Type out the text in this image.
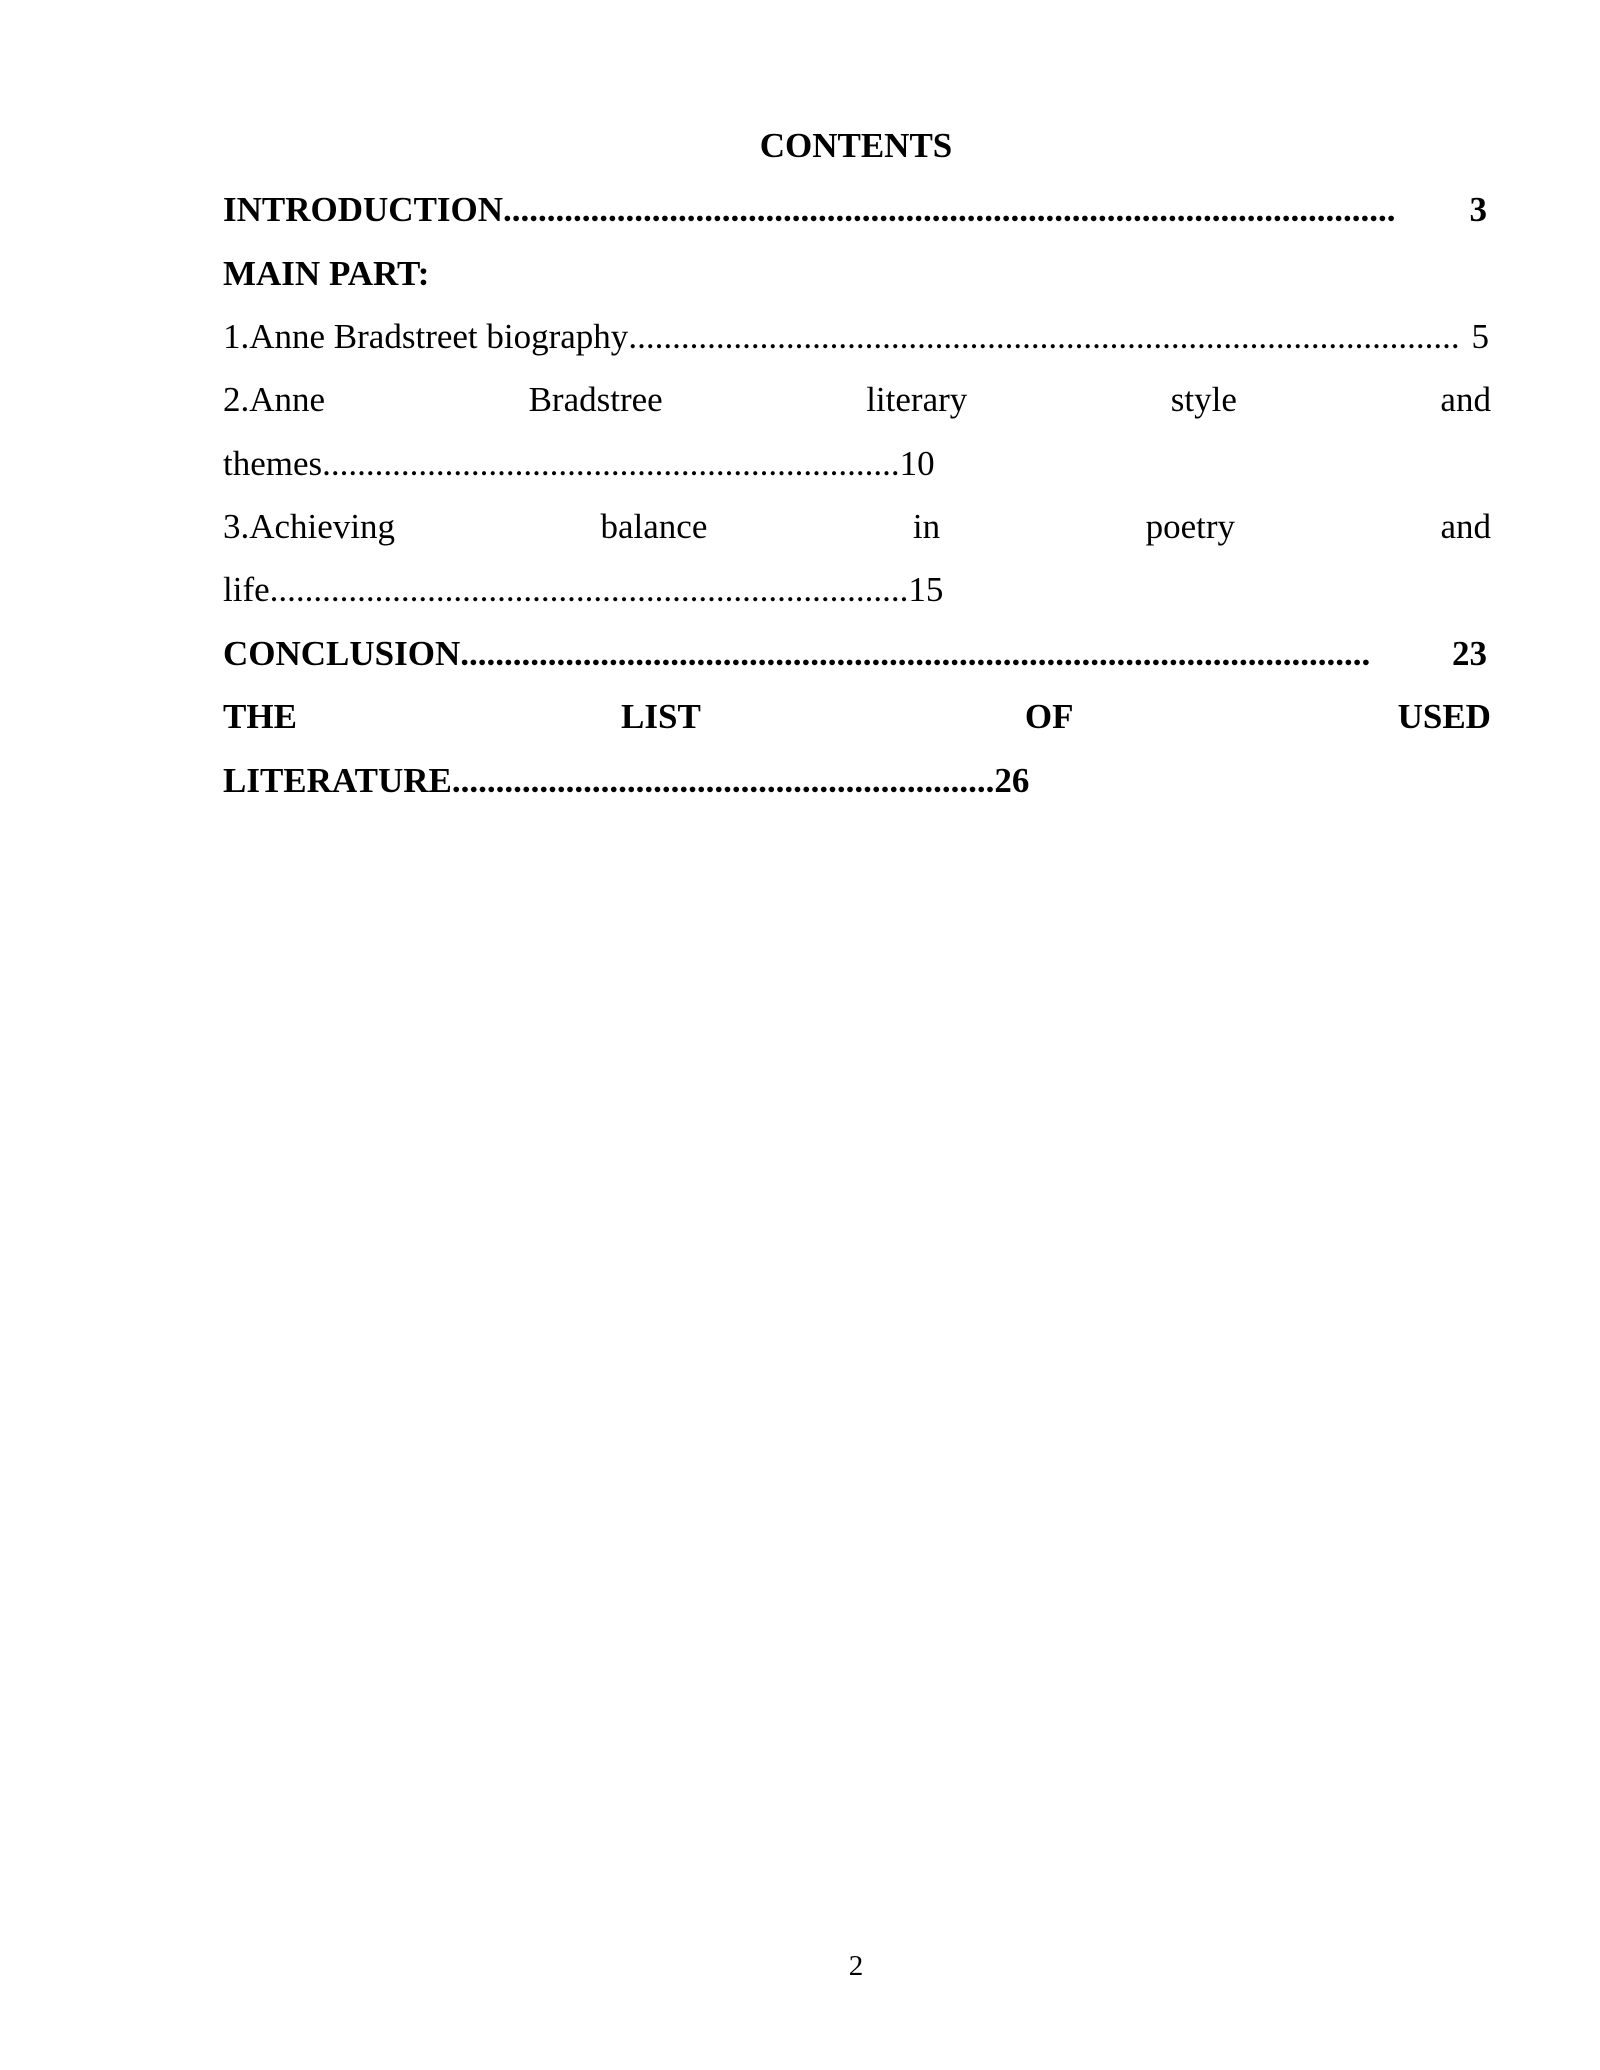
CONTENTS
INTRODUCTION ......................................................................................................	3
MAIN PART:
1.Anne Bradstreet biography ............................................................................................... 5
2.Anne	Bradstree	literary	style	and
themes..................................................................10
3.Achieving	balance	in	poetry	and
life.........................................................................15
CONCLUSION ........................................................................................................	23
THE	LIST	OF	USED
LITERATURE..............................................................26
2
